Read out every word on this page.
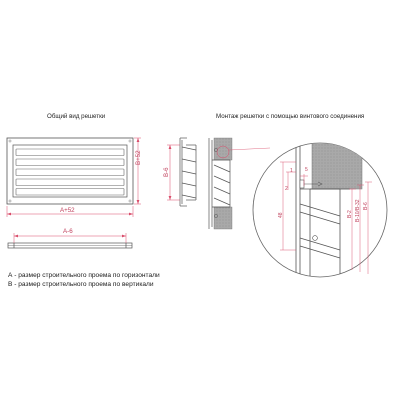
Общий вид решетки	Монтаж решетки с помощью винтового соединения
A+52
B+52
B-6
A-6
5
1
2
48	B-2 B-10/B-32 B-6
А - размер строительного проема по горизонтали
В - размер строительного проема по вертикали
